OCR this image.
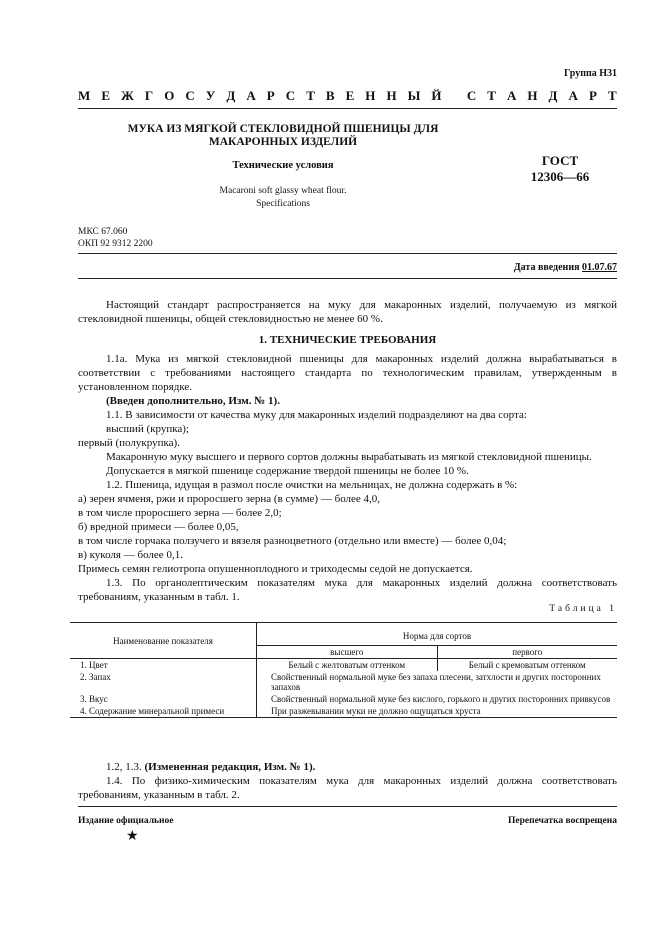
Группа Н31
М Е Ж Г О С У Д А Р С Т В Е Н Н Ы Й
С Т А Н Д А Р Т
МУКА ИЗ МЯГКОЙ СТЕКЛОВИДНОЙ ПШЕНИЦЫ ДЛЯ
МАКАРОННЫХ ИЗДЕЛИЙ
Технические условия
Macaroni soft glassy wheat flour.
Specifications
ГОСТ
12306—66
МКС 67.060
ОКП 92 9312 2200
Дата введения 01.07.67

Настоящий стандарт распространяется на муку для макаронных изделий, получаемую из мягкой стекловидной пшеницы, общей стекловидностью не менее 60 %.

1. ТЕХНИЧЕСКИЕ ТРЕБОВАНИЯ

1.1а. Мука из мягкой стекловидной пшеницы для макаронных изделий должна вырабатываться в соответствии с требованиями настоящего стандарта по технологическим правилам, утвержденным в установленном порядке.

(Введен дополнительно, Изм. № 1).

1.1. В зависимости от качества муку для макаронных изделий подразделяют на два сорта:

высший (крупка);

первый (полукрупка).

Макаронную муку высшего и первого сортов должны вырабатывать из мягкой стекловидной пшеницы.

Допускается в мягкой пшенице содержание твердой пшеницы не более 10 %.

1.2. Пшеница, идущая в размол после очистки на мельницах, не должна содержать в %:

а) зерен ячменя, ржи и проросшего зерна (в сумме) — более 4,0,

в том числе проросшего зерна — более 2,0;

б) вредной примеси — более 0,05,

в том числе горчака ползучего и вязеля разноцветного (отдельно или вместе) — более 0,04;

в) куколя — более 0,1.

Примесь семян гелиотропа опушенноплодного и триходесмы седой не допускается.

1.3. По органолептическим показателям мука для макаронных изделий должна соответствовать требованиям, указанным в табл. 1.

Таблица 1
Наименование показателя	Норма для сортов	
	высшего	первого
1. Цвет	Белый с желтоватым оттенком	Белый с кремоватым оттенком
2. Запах	Свойственный нормальной муке без запаха плесени, затхлости и других посторонних запахов	
3. Вкус	Свойственный нормальной муке без кислого, горького и других посторонних привкусов	
4. Содержание минеральной примеси	При разжевывании муки не должно ощущаться хруста	

1.2, 1.3. (Измененная редакция, Изм. № 1).

1.4. По физико-химическим показателям мука для макаронных изделий должна соответствовать требованиям, указанным в табл. 2.

Издание официальное	Перепечатка воспрещена
★
